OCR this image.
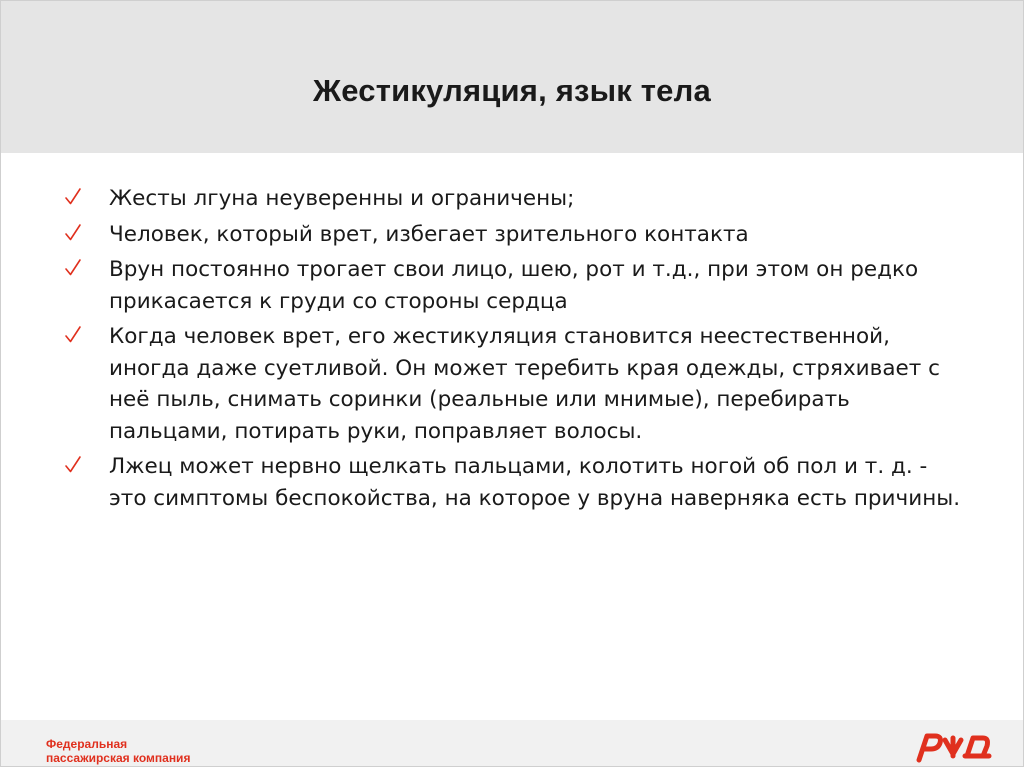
Жестикуляция, язык тела
Жесты лгуна неуверенны и ограничены;
Человек, который врет, избегает зрительного контакта
Врун постоянно трогает свои лицо, шею, рот и т.д., при этом он редко прикасается к груди со стороны сердца
Когда человек врет, его жестикуляция становится неестественной, иногда даже суетливой. Он может теребить края одежды, стряхивает с неё пыль, снимать соринки (реальные или мнимые), перебирать пальцами, потирать руки, поправляет волосы.
Лжец может нервно щелкать пальцами, колотить ногой об пол и т. д. - это симптомы беспокойства, на которое у вруна наверняка есть причины.
Федеральная
пассажирская компания
